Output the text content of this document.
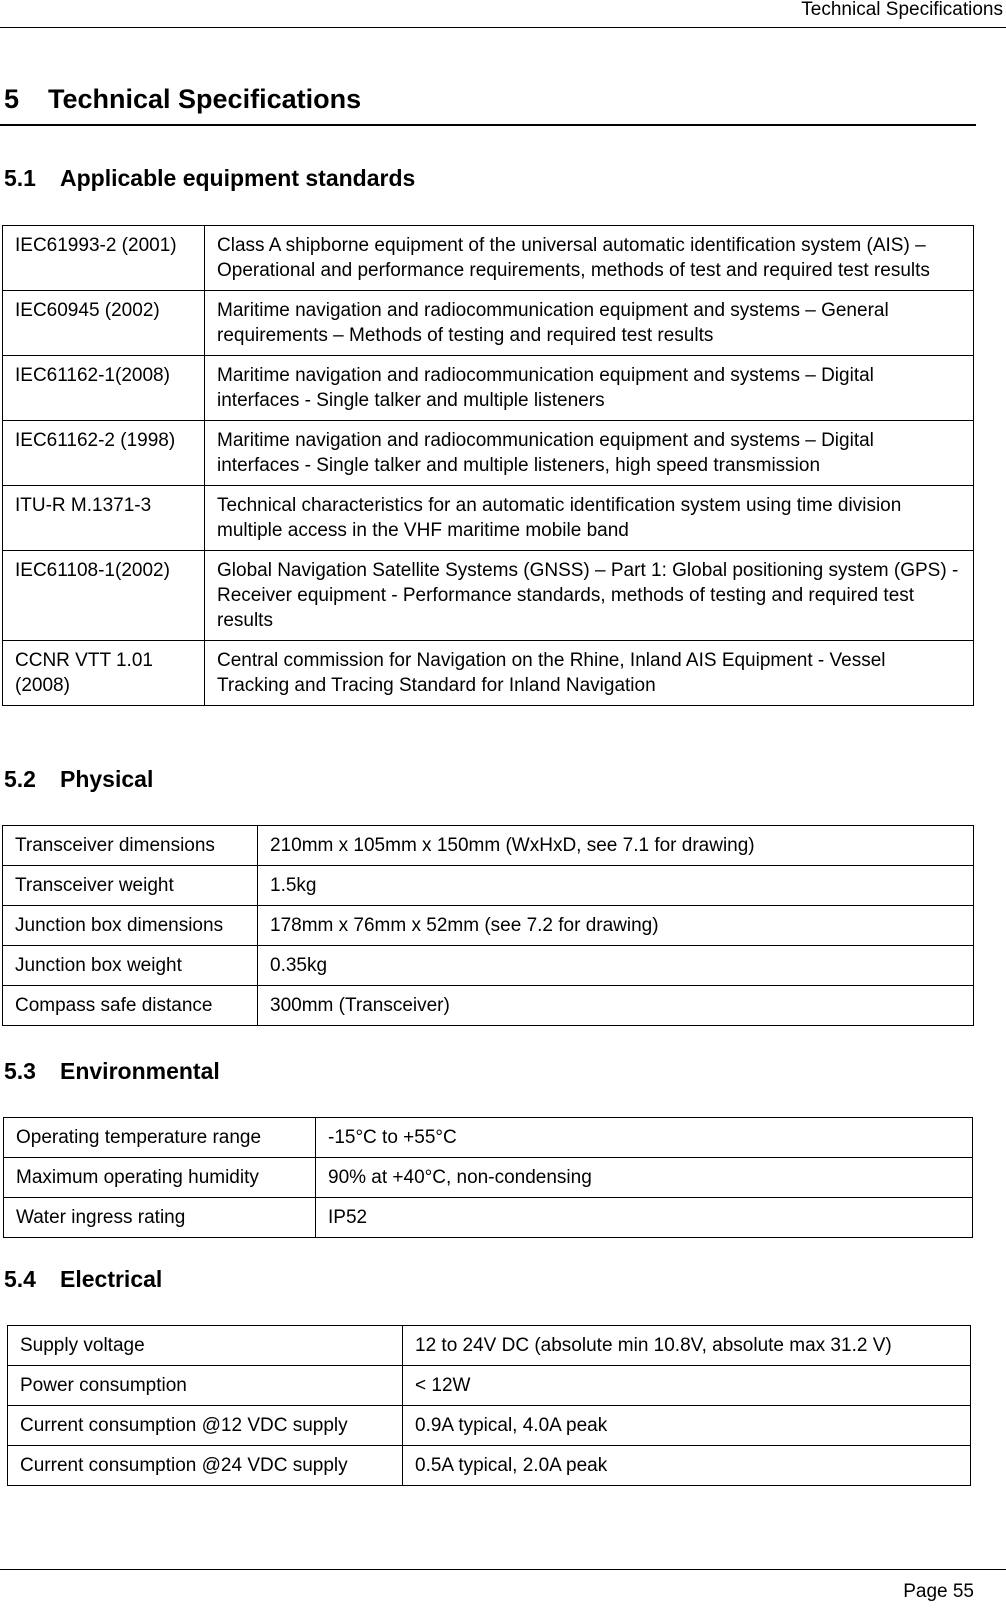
Technical Specifications
5 Technical Specifications
5.1 Applicable equipment standards
IEC61993-2 (2001)	Class A shipborne equipment of the universal automatic identification system (AIS) – Operational and performance requirements, methods of test and required test results
IEC60945 (2002)	Maritime navigation and radiocommunication equipment and systems – General requirements – Methods of testing and required test results
IEC61162-1(2008)	Maritime navigation and radiocommunication equipment and systems – Digital interfaces - Single talker and multiple listeners
IEC61162-2 (1998)	Maritime navigation and radiocommunication equipment and systems – Digital interfaces - Single talker and multiple listeners, high speed transmission
ITU-R M.1371-3	Technical characteristics for an automatic identification system using time division multiple access in the VHF maritime mobile band
IEC61108-1(2002)	Global Navigation Satellite Systems (GNSS) – Part 1: Global positioning system (GPS) - Receiver equipment - Performance standards, methods of testing and required test results
CCNR VTT 1.01 (2008)	Central commission for Navigation on the Rhine, Inland AIS Equipment - Vessel Tracking and Tracing Standard for Inland Navigation
5.2 Physical
Transceiver dimensions	210mm x 105mm x 150mm (WxHxD, see 7.1 for drawing)
Transceiver weight	1.5kg
Junction box dimensions	178mm x 76mm x 52mm (see 7.2 for drawing)
Junction box weight	0.35kg
Compass safe distance	300mm (Transceiver)
5.3 Environmental
Operating temperature range	-15°C to +55°C
Maximum operating humidity	90% at +40°C, non-condensing
Water ingress rating	IP52
5.4 Electrical
Supply voltage	12 to 24V DC (absolute min 10.8V, absolute max 31.2 V)
Power consumption	< 12W
Current consumption @12 VDC supply	0.9A typical, 4.0A peak
Current consumption @24 VDC supply	0.5A typical, 2.0A peak
Page 55
